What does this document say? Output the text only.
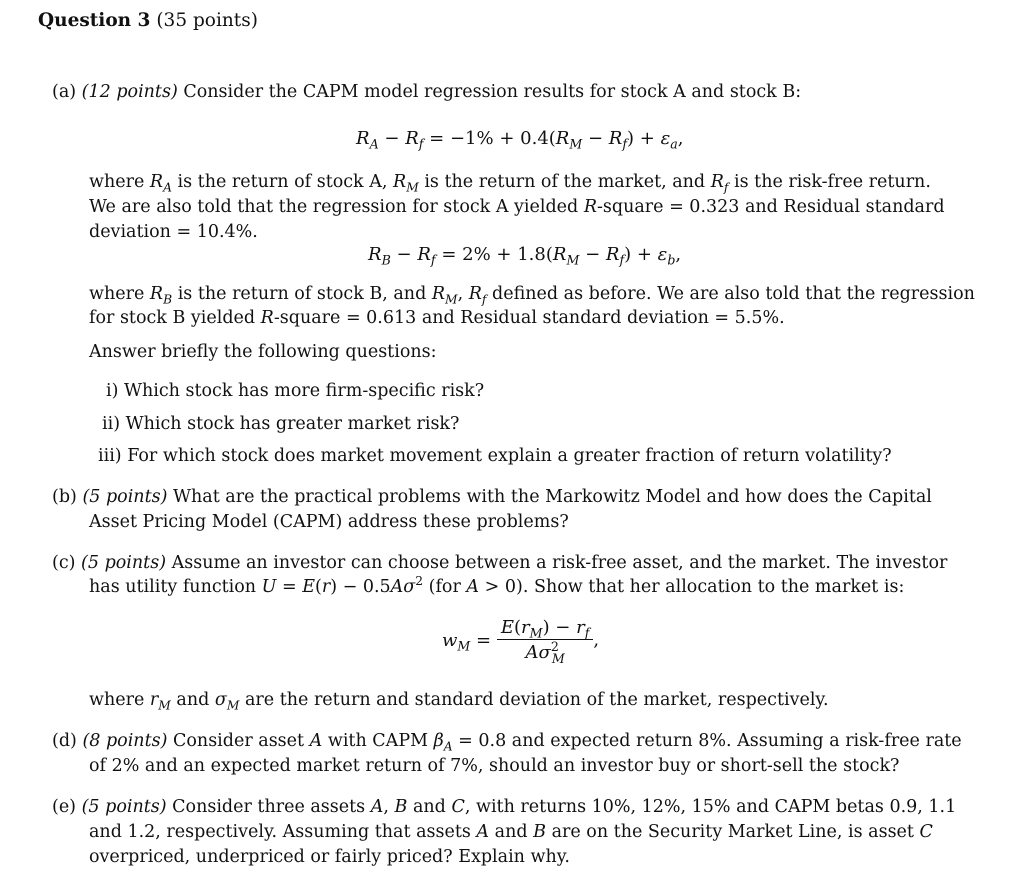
Question 3 (35 points)
(a) (12 points) Consider the CAPM model regression results for stock A and stock B:
$R_A - R_f = -1\% + 0.4(R_M - R_f) + \varepsilon_a$,
where $R_A$ is the return of stock A, $R_M$ is the return of the market, and $R_f$ is the risk-free return.
We are also told that the regression for stock A yielded R-square = 0.323 and Residual standard
deviation = 10.4%.
$R_B - R_f = 2\% + 1.8(R_M - R_f) + \varepsilon_b$,
where $R_B$ is the return of stock B, and $R_M$, $R_f$ defined as before. We are also told that the regression
for stock B yielded R-square = 0.613 and Residual standard deviation = 5.5%.
Answer briefly the following questions:
i) Which stock has more firm-specific risk?
ii) Which stock has greater market risk?
iii) For which stock does market movement explain a greater fraction of return volatility?
(b) (5 points) What are the practical problems with the Markowitz Model and how does the Capital
Asset Pricing Model (CAPM) address these problems?
(c) (5 points) Assume an investor can choose between a risk-free asset, and the market. The investor
has utility function $U = E(r) - 0.5A\sigma^2$ (for A > 0). Show that her allocation to the market is:
$w_M = \frac{E(r_M) - r_f}{A\sigma^2_M}$ ,
where $r_M$ and $\sigma_M$ are the return and standard deviation of the market, respectively.
(d) (8 points) Consider asset A with CAPM $\beta_A = 0.8$ and expected return 8%. Assuming a risk-free rate
of 2% and an expected market return of 7%, should an investor buy or short-sell the stock?
(e) (5 points) Consider three assets A, B and C, with returns 10%, 12%, 15% and CAPM betas 0.9, 1.1
and 1.2, respectively. Assuming that assets A and B are on the Security Market Line, is asset C
overpriced, underpriced or fairly priced? Explain why.
